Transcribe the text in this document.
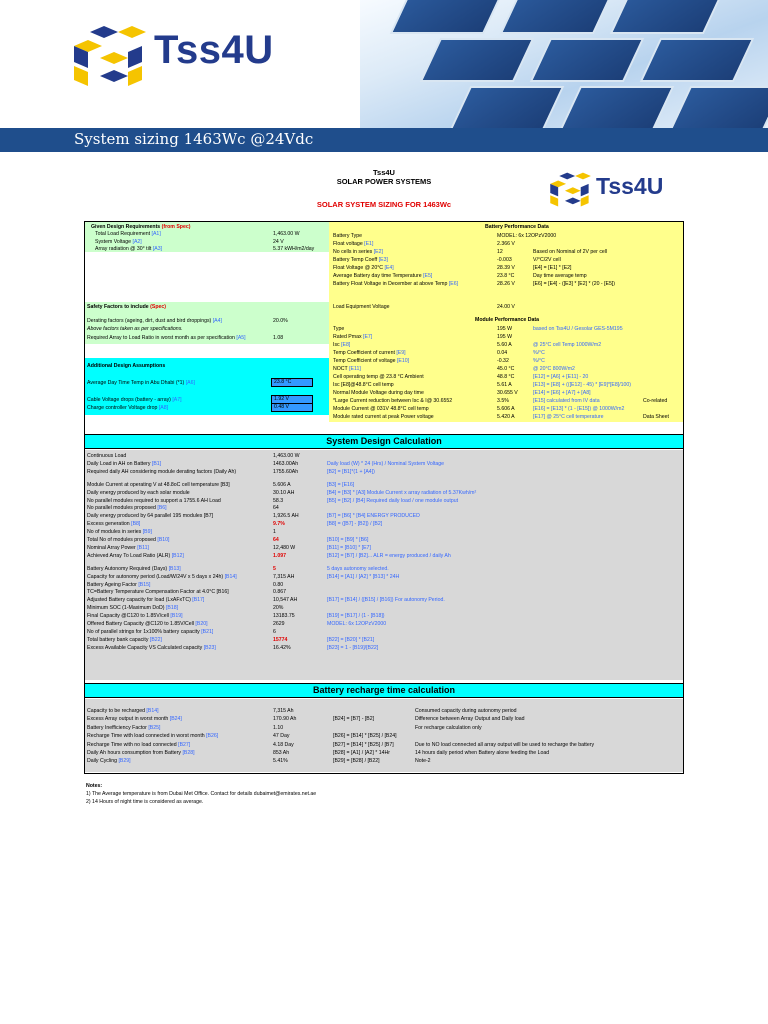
Tss4U
System sizing 1463Wc @24Vdc
Tss4U
SOLAR POWER SYSTEMS
SOLAR SYSTEM SIZING FOR 1463Wc
Tss4U
Given Design Requirements (from Spec)
Total Load Requirement [A1]	1,463.00 W
System Voltage [A2]	24 V
Array radiation @ 30° tilt [A3]	5.37 kWH/m2/day
Safety Factors to include (Spec)
Derating factors (ageing, dirt, dust and bird droppings) [A4]	20.0%
Above factors taken as per specifications.
Required Array to Load Ratio in worst month as per specification [A5]	1.08
Additional Design Assumptions
Average Day Time Temp in Abu Dhabi (*1) [A6]	23.8 °C
Cable Voltage drops (battery - array) [A7]	1.92 V
Charge controller Voltage drop [A8]	0.48 V
Battery Performance Data
Battery Type	MODEL: 6x 12OPzV2000
Float voltage [E1]	2.366 V
No cells in series [E2]	12	Based on Nominal of 2V per cell
Battery Temp Coeff [E3]	-0.003	V/°C/2V cell
Float Voltage @ 20°C [E4]	28.39 V	[E4] = [E1] * [E2]
Average Battery day time Temperature [E5]	23.8 °C	Day time average temp
Battery Float Voltage in December at above Temp [E6]	28.26 V	[E6] = [E4] - ([E3] * [E2] * (20 - [E5])
Load Equipment Voltage	24.00 V
Module Performance Data
Type	195 W	based on Tss4U / Gesolar GES-5M195
Rated Pmax [E7]	195 W
Isc [E8]	5.60 A	@ 25°C cell Temp 1000W/m2
Temp Coefficient of current [E9]	0.04	%/°C
Temp Coefficient of voltage [E10]	-0.32	%/°C
NOCT [E11]	45.0 °C	@ 20°C 800W/m2
Cell operating temp @ 23.8 °C Ambient	48.8 °C	[E12] = [A6] + [E11] - 20
Isc [E8]@48.8°C cell temp	5.61 A	[E13] = [E8] + (([E12] - 45) * [E9]*[E8]/100)
Normal Module Voltage during day time	30.655 V	[E14] = [E6] + [A7] + [A8]
*Large Current reduction between Isc & I@ 30.6552	3.5%	[E15] calculated from IV data	Co-related
Module Current @ 031V 48.8°C cell temp	5.606 A	[E16] = [E13] * (1 - [E15]) @ 1000W/m2
Module rated current at peak Power voltage	5.420 A	[E17] @ 25°C cell temperature	Data Sheet
System Design Calculation
Continuous Load	1,463.00 W
Daily Load in AH on Battery [B1]	1463.00Ah	Daily load (W) * 24 (Hrs) / Nominal System Voltage
Required daily AH considering module derating factors (Daily Ah)	1755.60Ah	[B2] = [B1]*(1 + [A4])
Module Current at operating V at 48.8oC cell temperature [B3]	5.606 A	[B3] = [E16]
Daily energy produced by each solar module	30.10 AH	[B4] = [B3] * [A3] Module Current x array radiation of 5.37Kwh/m²
No parallel modules required to support a 1755.6 AH Load	58.3	[B5] = [B2] / [B4] Required daily load / one module output
No parallel modules proposed [B6]	64
Daily energy produced by 64 parallel 195 modules [B7]	1,926.5 AH	[B7] = [B6] * [B4] ENERGY PRODUCED
Excess generation [B8]	9.7%	[B8] = ([B7] - [B2]) / [B2]
No of modules in series [B9]	1
Total No of modules proposed [B10]	64	[B10] = [B9] * [B6]
Nominal Array Power [B11]	12,480 W	[B11] = [B10] * [E7]
Achieved Array To Load Ratio (ALR) [B12]	1.097	[B12] = [B7] / [B2]... ALR = energy produced / daily Ah
Battery Autonomy Required (Days) [B13]	5	5 days autonomy selected.
Capacity for autonomy period (Load/W/24V x 5 days x 24h) [B14]	7,315 AH	[B14] = [A1] / [A2] * [B13] * 24H
Battery Ageing Factor [B15]	0.80
TC=Battery Temperature Compensation Factor at 4.0°C [B16]	0.867
Adjusted Battery capacity for load (LxAFxTC) [B17]	10,547 AH	[B17] = [B14] / ([B15] / [B16]) For autonomy Period.
Minimum SOC (1-Maximum DoD) [B18]	20%
Final Capacity @C120 to 1.85V/cell [B19]	13183.75	[B19] = [B17] / (1 - [B18])
Offered Battery Capacity @C120 to 1.85V/Cell [B20]	2629	MODEL: 6x 12OPzV2000
No of parallel strings for 1x100% battery capacity [B21]	6
Total battery bank capacity [B22]	15774	[B22] = [B20] * [B21]
Excess Available Capacity VS Calculated capacity [B23]	16.42%	[B23] = 1 - [B19]/[B22]
Battery recharge time calculation
Capacity to be recharged [B14]	7,315 Ah	Consumed capacity during autonomy period
Excess Array output in worst month [B24]	170.90 Ah	[B24] = [B7] - [B2]	Difference between Array Output and Daily load
Battery Inefficiency Factor [B25]	1.10	For recharge calculation only
Recharge Time with load connected in worst month [B26]	47 Day	[B26] = [B14] * [B25] / [B24]
Recharge Time with no load connected [B27]	4.18 Day	[B27] = [B14] * [B25] / [B7]	Due to NO load connected all array output will be used to recharge the battery
Daily Ah hours consumption from Battery [B28]	853 Ah	[B28] = [A1] / [A2] * 14Hr	14 hours daily period when Battery alone feeding the Load
Daily Cycling [B29]	5.41%	[B29] = [B28] / [B22]	Note-2
Notes:
1) The Average temperature is from Dubai Met Office. Contact for details dubaimet@emirates.net.ae
2) 14 Hours of night time is considered as average.
